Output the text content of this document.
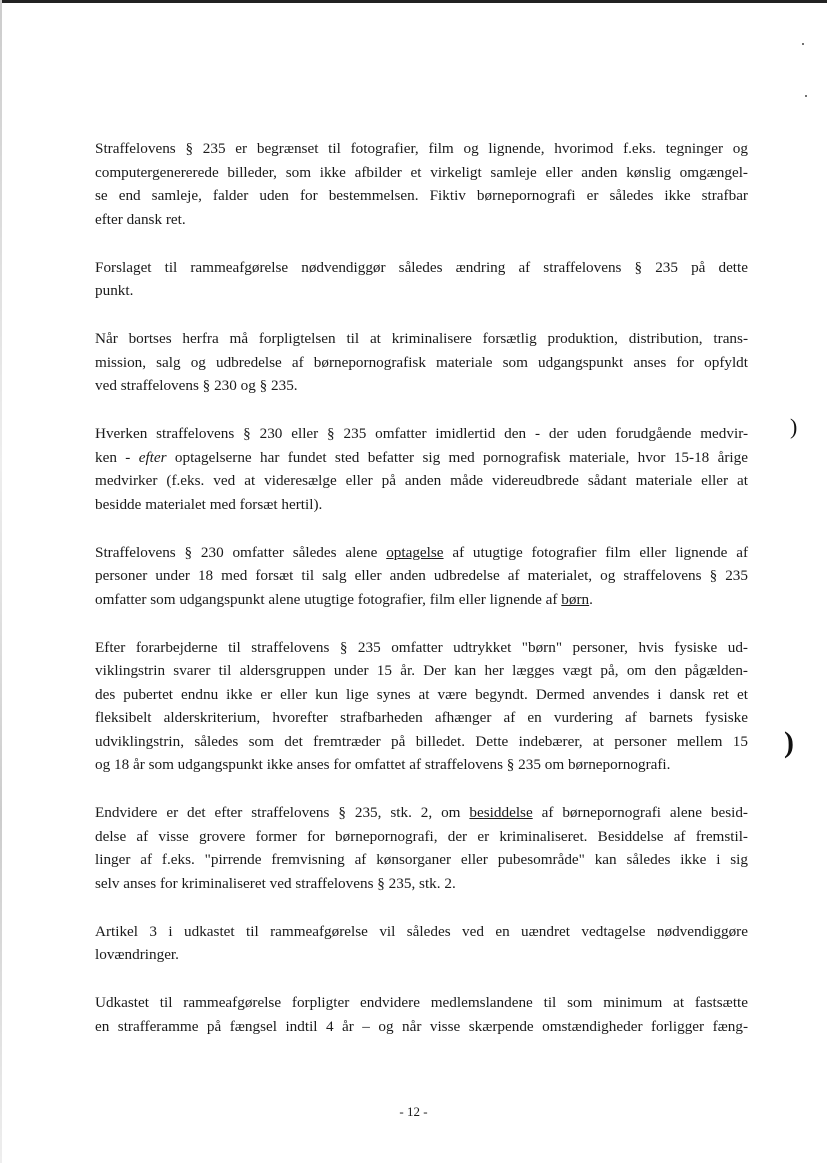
)
)

Straffelovens § 235 er begrænset til fotografier, film og lignende, hvorimod f.eks. tegninger og
computergenererede billeder, som ikke afbilder et virkeligt samleje eller anden kønslig omgængel-
se end samleje, falder uden for bestemmelsen. Fiktiv børnepornografi er således ikke strafbar
efter dansk ret.

Forslaget til rammeafgørelse nødvendiggør således ændring af straffelovens § 235 på dette
punkt.

Når bortses herfra må forpligtelsen til at kriminalisere forsætlig produktion, distribution, trans-
mission, salg og udbredelse af børnepornografisk materiale som udgangspunkt anses for opfyldt
ved straffelovens § 230 og § 235.

Hverken straffelovens § 230 eller § 235 omfatter imidlertid den - der uden forudgående medvir-
ken - efter optagelserne har fundet sted befatter sig med pornografisk materiale, hvor 15-18 årige
medvirker (f.eks. ved at videresælge eller på anden måde videreudbrede sådant materiale eller at
besidde materialet med forsæt hertil).

Straffelovens § 230 omfatter således alene optagelse af utugtige fotografier film eller lignende af
personer under 18 med forsæt til salg eller anden udbredelse af materialet, og straffelovens § 235
omfatter som udgangspunkt alene utugtige fotografier, film eller lignende af børn.

Efter forarbejderne til straffelovens § 235 omfatter udtrykket "børn" personer, hvis fysiske ud-
viklingstrin svarer til aldersgruppen under 15 år. Der kan her lægges vægt på, om den pågælden-
des pubertet endnu ikke er eller kun lige synes at være begyndt. Dermed anvendes i dansk ret et
fleksibelt alderskriterium, hvorefter strafbarheden afhænger af en vurdering af barnets fysiske
udviklingstrin, således som det fremtræder på billedet. Dette indebærer, at personer mellem 15
og 18 år som udgangspunkt ikke anses for omfattet af straffelovens § 235 om børnepornografi.

Endvidere er det efter straffelovens § 235, stk. 2, om besiddelse af børnepornografi alene besid-
delse af visse grovere former for børnepornografi, der er kriminaliseret. Besiddelse af fremstil-
linger af f.eks. "pirrende fremvisning af kønsorganer eller pubesområde" kan således ikke i sig
selv anses for kriminaliseret ved straffelovens § 235, stk. 2.

Artikel 3 i udkastet til rammeafgørelse vil således ved en uændret vedtagelse nødvendiggøre
lovændringer.

Udkastet til rammeafgørelse forpligter endvidere medlemslandene til som minimum at fastsætte
en strafferamme på fængsel indtil 4 år – og når visse skærpende omstændigheder forligger fæng-

- 12 -
